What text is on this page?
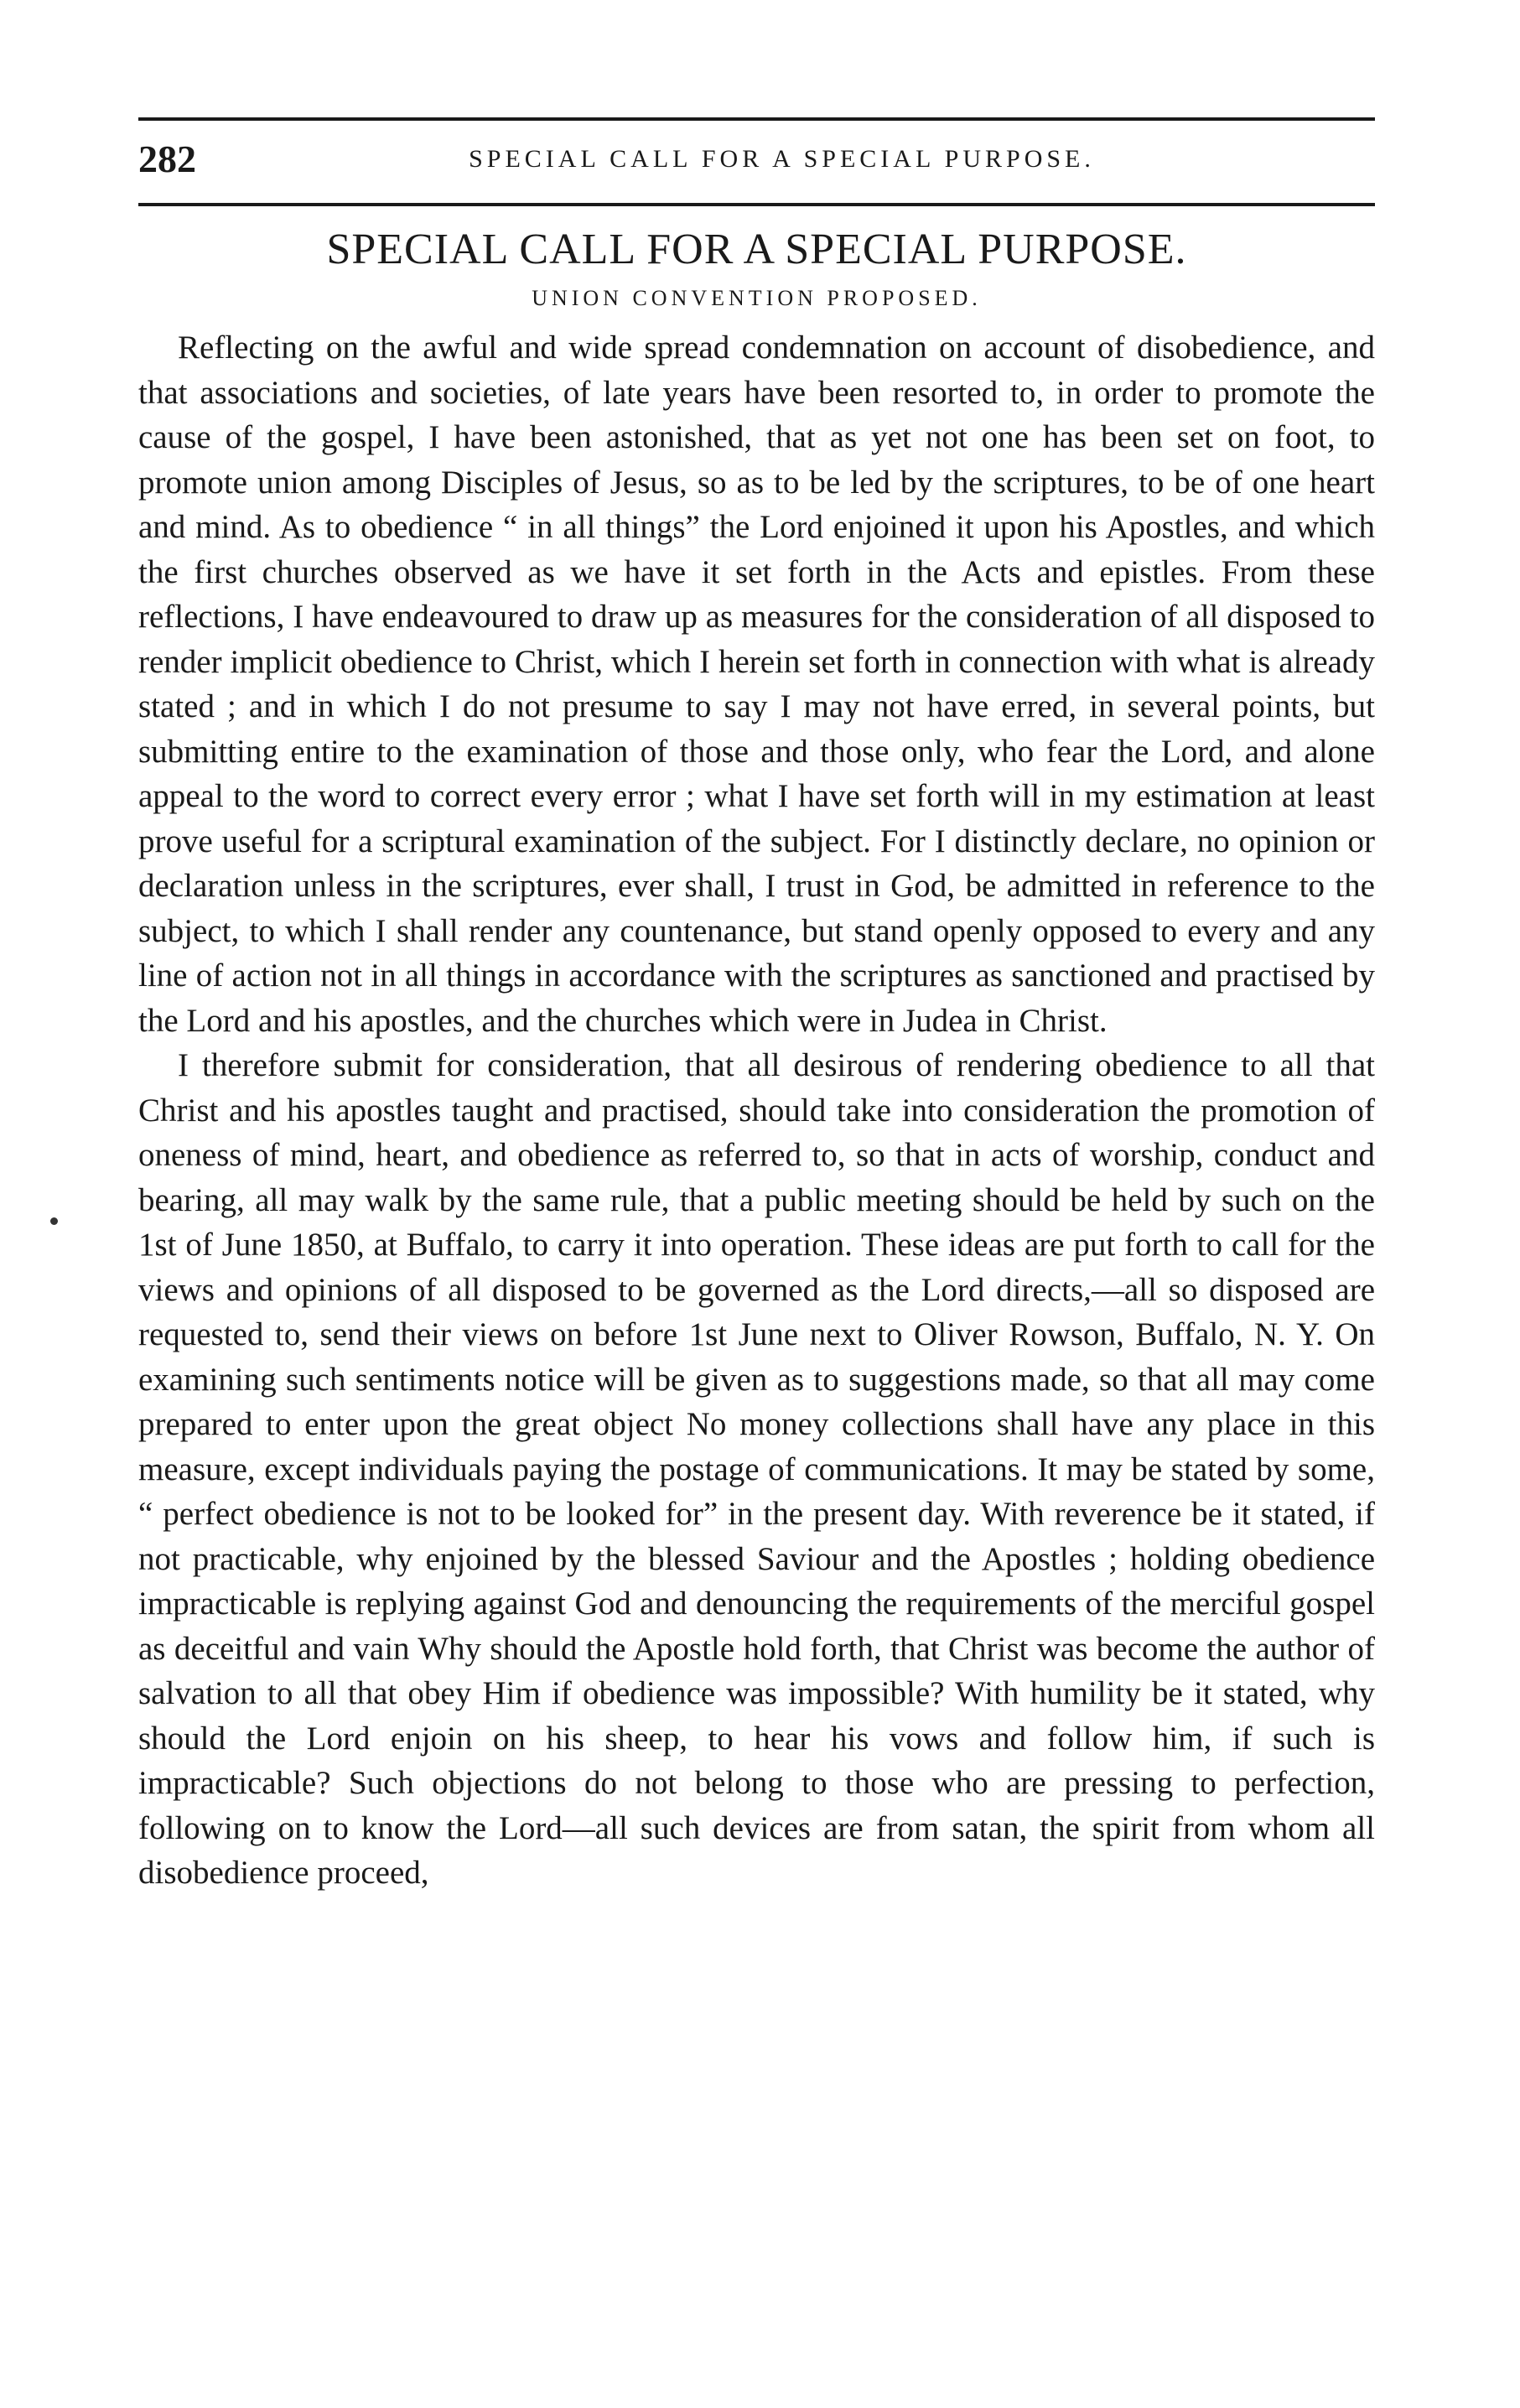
282	SPECIAL CALL FOR A SPECIAL PURPOSE.
SPECIAL CALL FOR A SPECIAL PURPOSE.
UNION CONVENTION PROPOSED.

Reflecting on the awful and wide spread condemnation on account of disobedience, and that associations and societies, of late years have been resorted to, in order to promote the cause of the gospel, I have been astonished, that as yet not one has been set on foot, to promote union among Disciples of Jesus, so as to be led by the scriptures, to be of one heart and mind. As to obedience “ in all things” the Lord enjoined it upon his Apostles, and which the first churches observed as we have it set forth in the Acts and epistles. From these reflections, I have endeavoured to draw up as measures for the consideration of all disposed to render implicit obedience to Christ, which I herein set forth in connection with what is already stated ; and in which I do not presume to say I may not have erred, in several points, but submitting entire to the examination of those and those only, who fear the Lord, and alone appeal to the word to correct every error ; what I have set forth will in my estimation at least prove useful for a scriptural examination of the subject. For I distinctly declare, no opinion or declaration unless in the scriptures, ever shall, I trust in God, be admitted in reference to the subject, to which I shall render any countenance, but stand openly opposed to every and any line of action not in all things in accordance with the scriptures as sanctioned and practised by the Lord and his apostles, and the churches which were in Judea in Christ.

I therefore submit for consideration, that all desirous of rendering obedience to all that Christ and his apostles taught and practised, should take into consideration the promotion of oneness of mind, heart, and obedience as referred to, so that in acts of worship, conduct and bearing, all may walk by the same rule, that a public meeting should be held by such on the 1st of June 1850, at Buffalo, to carry it into operation. These ideas are put forth to call for the views and opinions of all disposed to be governed as the Lord directs,—all so disposed are requested to, send their views on before 1st June next to Oliver Rowson, Buffalo, N. Y. On examining such sentiments notice will be given as to suggestions made, so that all may come prepared to enter upon the great object No money collections shall have any place in this measure, except individuals paying the postage of communications. It may be stated by some, “ perfect obedience is not to be looked for” in the present day. With reverence be it stated, if not practicable, why enjoined by the blessed Saviour and the Apostles ; holding obedience impracticable is replying against God and denouncing the requirements of the merciful gospel as deceitful and vain Why should the Apostle hold forth, that Christ was become the author of salvation to all that obey Him if obedience was impossible? With humility be it stated, why should the Lord enjoin on his sheep, to hear his vows and follow him, if such is impracticable? Such objections do not belong to those who are pressing to perfection, following on to know the Lord—all such devices are from satan, the spirit from whom all disobedience proceed,
